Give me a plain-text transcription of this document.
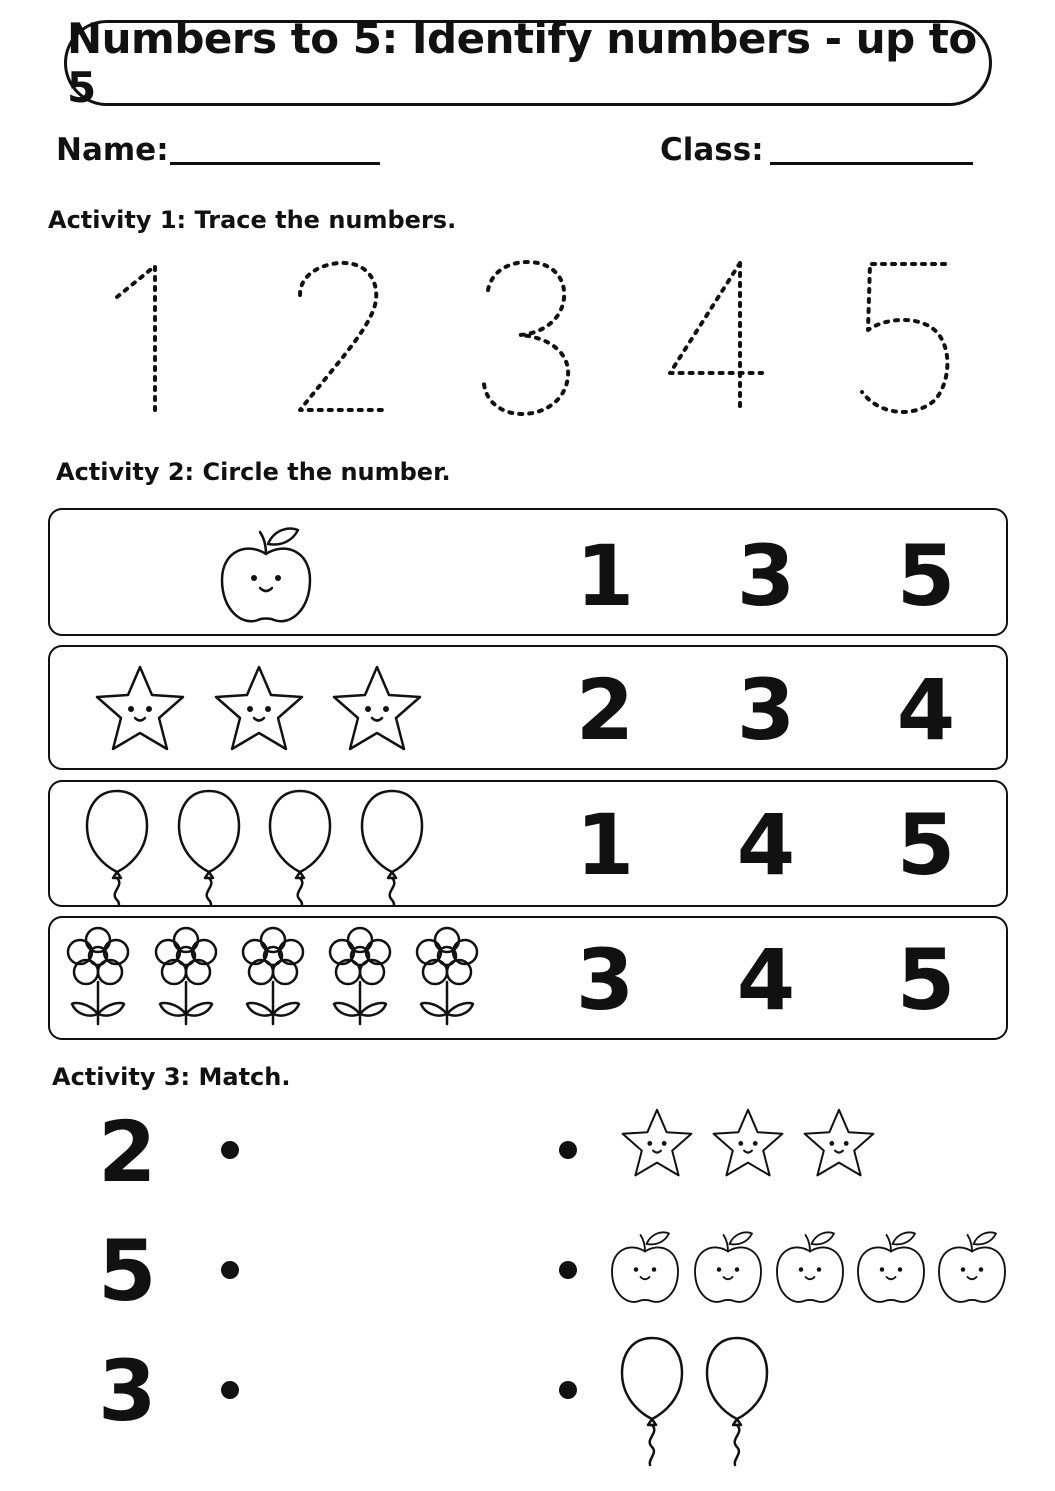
Numbers to 5: Identify numbers - up to 5
Name:	Class:
Activity 1: Trace the numbers.
Activity 2: Circle the number.
1 3 5
2 3 4
1 4 5
3 4 5
Activity 3: Match.
2
5
3
